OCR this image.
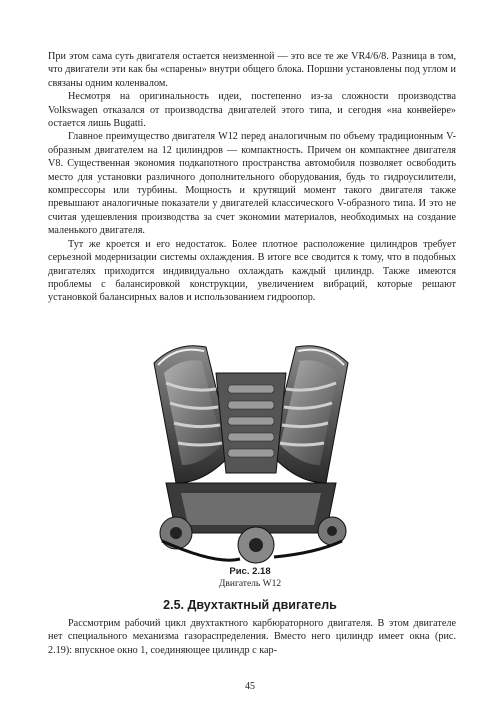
При этом сама суть двигателя остается неизменной — это все те же VR4/6/8. Разница в том, что двигатели эти как бы «спарены» внутри общего блока. Поршни установлены под углом и связаны одним коленвалом.

Несмотря на оригинальность идеи, постепенно из-за сложности производства Volkswagen отказался от производства двигателей этого типа, и сегодня «на конвейере» остается лишь Bugatti.

Главное преимущество двигателя W12 перед аналогичным по объему традиционным V-образным двигателем на 12 цилиндров — компактность. Причем он компактнее двигателя V8. Существенная экономия подкапотного пространства автомобиля позволяет освободить место для установки различного дополнительного оборудования, будь то гидроусилители, компрессоры или турбины. Мощность и крутящий момент такого двигателя также превышают аналогичные показатели у двигателей классического V-образного типа. И это не считая удешевления производства за счет экономии материалов, необходимых на создание маленького двигателя.

Тут же кроется и его недостаток. Более плотное расположение цилиндров требует серьезной модернизации системы охлаждения. В итоге все сводится к тому, что в подобных двигателях приходится индивидуально охлаждать каждый цилиндр. Также имеются проблемы с балансировкой конструкции, увеличением вибраций, которые решают установкой балансирных валов и использованием гидроопор.

Рис. 2.18
Двигатель W12
2.5. Двухтактный двигатель

Рассмотрим рабочий цикл двухтактного карбюраторного двигателя. В этом двигателе нет специального механизма газораспределения. Вместо него цилиндр имеет окна (рис. 2.19): впускное окно 1, соединяющее цилиндр с кар-

45
